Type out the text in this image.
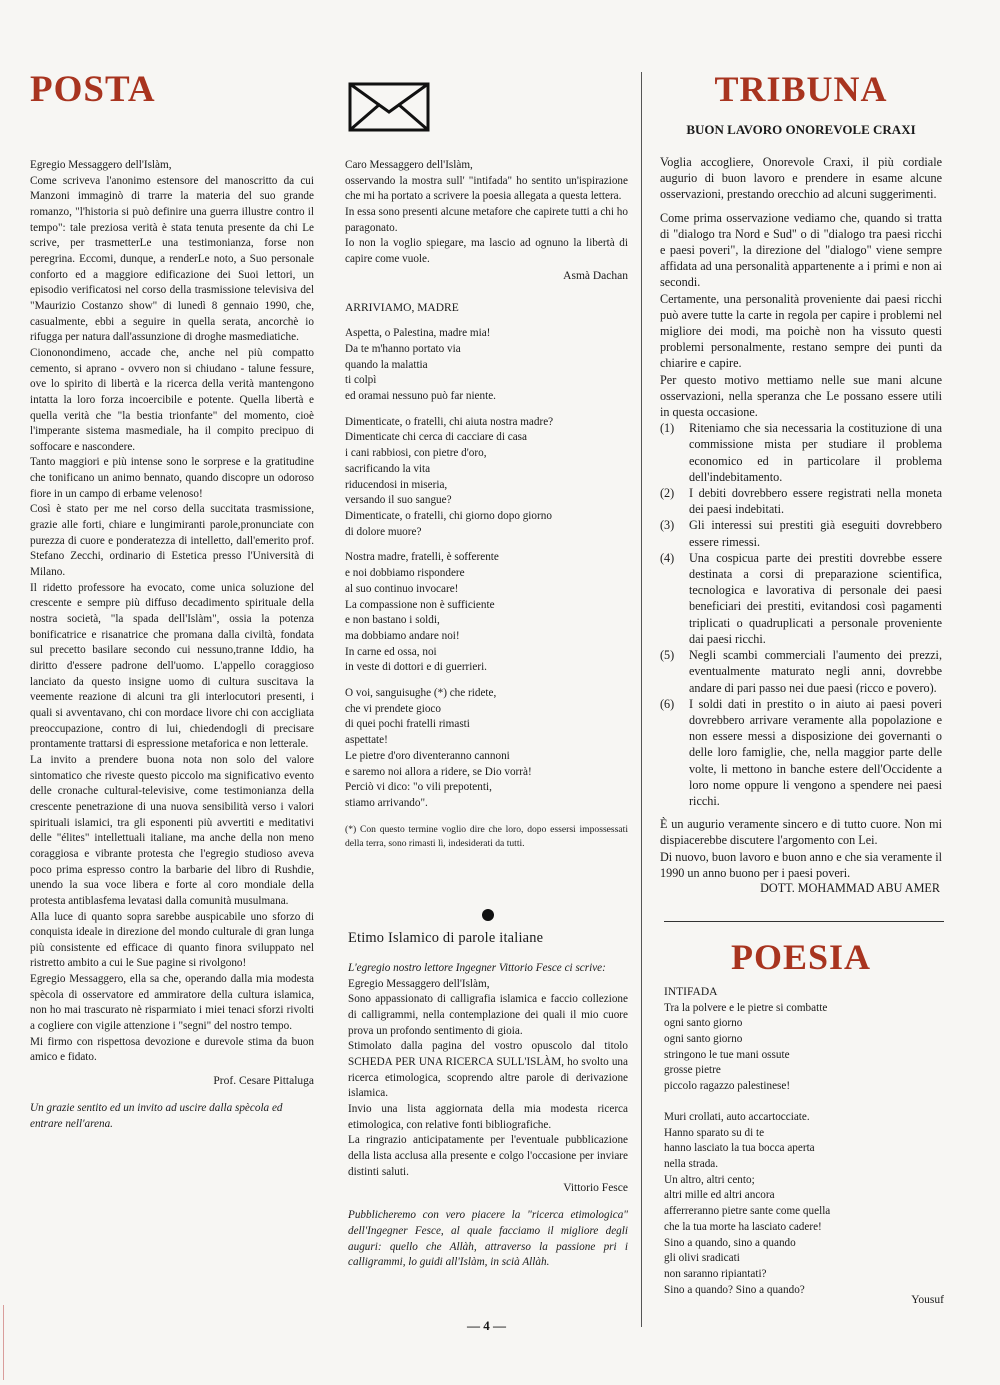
POSTA

Egregio Messaggero dell'Islàm,

Come scriveva l'anonimo estensore del manoscritto da cui Manzoni immaginò di trarre la materia del suo grande romanzo, "l'historia si può definire una guerra illustre contro il tempo": tale preziosa verità è stata tenuta presente da chi Le scrive, per trasmetterLe una testimonianza, forse non peregrina. Eccomi, dunque, a renderLe noto, a Suo personale conforto ed a maggiore edificazione dei Suoi lettori, un episodio verificatosi nel corso della trasmissione televisiva del "Maurizio Costanzo show" di lunedì 8 gennaio 1990, che, casualmente, ebbi a seguire in quella serata, ancorchè io rifugga per natura dall'assunzione di droghe masmediatiche.

Ciononondimeno, accade che, anche nel più compatto cemento, si aprano - ovvero non si chiudano - talune fessure, ove lo spirito di libertà e la ricerca della verità mantengono intatta la loro forza incoercibile e potente. Quella libertà e quella verità che "la bestia trionfante" del momento, cioè l'imperante sistema masmediale, ha il compito precipuo di soffocare e nascondere.

Tanto maggiori e più intense sono le sorprese e la gratitudine che tonificano un animo bennato, quando discopre un odoroso fiore in un campo di erbame velenoso!

Così è stato per me nel corso della succitata trasmissione, grazie alle forti, chiare e lungimiranti parole,pronunciate con purezza di cuore e ponderatezza di intelletto, dall'emerito prof. Stefano Zecchi, ordinario di Estetica presso l'Università di Milano.

Il ridetto professore ha evocato, come unica soluzione del crescente e sempre più diffuso decadimento spirituale della nostra società, "la spada dell'Islàm", ossia la potenza bonificatrice e risanatrice che promana dalla civiltà, fondata sul precetto basilare secondo cui nessuno,tranne Iddio, ha diritto d'essere padrone dell'uomo. L'appello coraggioso lanciato da questo insigne uomo di cultura suscitava la veemente reazione di alcuni tra gli interlocutori presenti, i quali si avventavano, chi con mordace livore chi con accigliata preoccupazione, contro di lui, chiedendogli di precisare prontamente trattarsi di espressione metaforica e non letterale.

La invito a prendere buona nota non solo del valore sintomatico che riveste questo piccolo ma significativo evento delle cronache cultural-televisive, come testimonianza della crescente penetrazione di una nuova sensibilità verso i valori spirituali islamici, tra gli esponenti più avvertiti e meditativi delle "élites" intellettuali italiane, ma anche della non meno coraggiosa e vibrante protesta che l'egregio studioso aveva poco prima espresso contro la barbarie del libro di Rushdie, unendo la sua voce libera e forte al coro mondiale della protesta antiblasfema levatasi dalla comunità musulmana.

Alla luce di quanto sopra sarebbe auspicabile uno sforzo di conquista ideale in direzione del mondo culturale di gran lunga più consistente ed efficace di quanto finora sviluppato nel ristretto ambito a cui le Sue pagine si rivolgono!

Egregio Messaggero, ella sa che, operando dalla mia modesta spècola di osservatore ed ammiratore della cultura islamica, non ho mai trascurato nè risparmiato i miei tenaci sforzi rivolti a cogliere con vigile attenzione i "segni" del nostro tempo.

Mi firmo con rispettosa devozione e durevole stima da buon amico e fidato.

Prof. Cesare Pittaluga

Un grazie sentito ed un invito ad uscire dalla spècola ed entrare nell'arena.

Caro Messaggero dell'Islàm,

osservando la mostra sull' "intifada" ho sentito un'ispirazione che mi ha portato a scrivere la poesia allegata a questa lettera.

In essa sono presenti alcune metafore che capirete tutti a chi ho paragonato.

Io non la voglio spiegare, ma lascio ad ognuno la libertà di capire come vuole.

Asmà Dachan

ARRIVIAMO, MADRE

Aspetta, o Palestina, madre mia!
Da te m'hanno portato via
quando la malattia
ti colpì
ed oramai nessuno può far niente.

Dimenticate, o fratelli, chi aiuta nostra madre?
Dimenticate chi cerca di cacciare di casa
i cani rabbiosi, con pietre d'oro,
sacrificando la vita
riducendosi in miseria,
versando il suo sangue?
Dimenticate, o fratelli, chi giorno dopo giorno
di dolore muore?

Nostra madre, fratelli, è sofferente
e noi dobbiamo rispondere
al suo continuo invocare!
La compassione non è sufficiente
e non bastano i soldi,
ma dobbiamo andare noi!
In carne ed ossa, noi
in veste di dottori e di guerrieri.

O voi, sanguisughe (*) che ridete,
che vi prendete gioco
di quei pochi fratelli rimasti
aspettate!
Le pietre d'oro diventeranno cannoni
e saremo noi allora a ridere, se Dio vorrà!
Perciò vi dico: "o vili prepotenti,
stiamo arrivando".

(*) Con questo termine voglio dire che loro, dopo essersi impossessati della terra, sono rimasti lì, indesiderati da tutti.

Etimo Islamico di parole italiane

L'egregio nostro lettore Ingegner Vittorio Fesce ci scrive:

Egregio Messaggero dell'Islàm,

Sono appassionato di calligrafia islamica e faccio collezione di calligrammi, nella contemplazione dei quali il mio cuore prova un profondo sentimento di gioia.

Stimolato dalla pagina del vostro opuscolo dal titolo SCHEDA PER UNA RICERCA SULL'ISLÀM, ho svolto una ricerca etimologica, scoprendo altre parole di derivazione islamica.

Invio una lista aggiornata della mia modesta ricerca etimologica, con relative fonti bibliografiche.

La ringrazio anticipatamente per l'eventuale pubblicazione della lista acclusa alla presente e colgo l'occasione per inviare distinti saluti.

Vittorio Fesce

Pubblicheremo con vero piacere la "ricerca etimologica" dell'Ingegner Fesce, al quale facciamo il migliore degli auguri: quello che Allàh, attraverso la passione pri i calligrammi, lo guidi all'Islàm, in scià Allàh.

— 4 —

TRIBUNA

BUON LAVORO ONOREVOLE CRAXI

Voglia accogliere, Onorevole Craxi, il più cordiale augurio di buon lavoro e prendere in esame alcune osservazioni, prestando orecchio ad alcuni suggerimenti.

Come prima osservazione vediamo che, quando si tratta di "dialogo tra Nord e Sud" o di "dialogo tra paesi ricchi e paesi poveri", la direzione del "dialogo" viene sempre affidata ad una personalità appartenente a i primi e non ai secondi.

Certamente, una personalità proveniente dai paesi ricchi può avere tutte la carte in regola per capire i problemi nel migliore dei modi, ma poichè non ha vissuto questi problemi personalmente, restano sempre dei punti da chiarire e capire.

Per questo motivo mettiamo nelle sue mani alcune osservazioni, nella speranza che Le possano essere utili in questa occasione.

(1)	Riteniamo che sia necessaria la costituzione di una commissione mista per studiare il problema economico ed in particolare il problema dell'indebitamento.
(2)	I debiti dovrebbero essere registrati nella moneta dei paesi indebitati.
(3)	Gli interessi sui prestiti già eseguiti dovrebbero essere rimessi.
(4)	Una cospicua parte dei prestiti dovrebbe essere destinata a corsi di preparazione scientifica, tecnologica e lavorativa di personale dei paesi beneficiari dei prestiti, evitandosi così pagamenti triplicati o quadruplicati a personale proveniente dai paesi ricchi.
(5)	Negli scambi commerciali l'aumento dei prezzi, eventualmente maturato negli anni, dovrebbe andare di pari passo nei due paesi (ricco e povero).
(6)	I soldi dati in prestito o in aiuto ai paesi poveri dovrebbero arrivare veramente alla popolazione e non essere messi a disposizione dei governanti o delle loro famiglie, che, nella maggior parte delle volte, li mettono in banche estere dell'Occidente a loro nome oppure li vengono a spendere nei paesi ricchi.

È un augurio veramente sincero e di tutto cuore. Non mi dispiacerebbe discutere l'argomento con Lei.

Di nuovo, buon lavoro e buon anno e che sia veramente il 1990 un anno buono per i paesi poveri.

DOTT. MOHAMMAD ABU AMER

POESIA

INTIFADA

Tra la polvere e le pietre si combatte
ogni santo giorno
ogni santo giorno
stringono le tue mani ossute
grosse pietre
piccolo ragazzo palestinese!

Muri crollati, auto accartocciate.
Hanno sparato su di te
hanno lasciato la tua bocca aperta
nella strada.
Un altro, altri cento;
altri mille ed altri ancora
afferreranno pietre sante come quella
che la tua morte ha lasciato cadere!
Sino a quando, sino a quando
gli olivi sradicati
non saranno ripiantati?
Sino a quando? Sino a quando?

Yousuf
